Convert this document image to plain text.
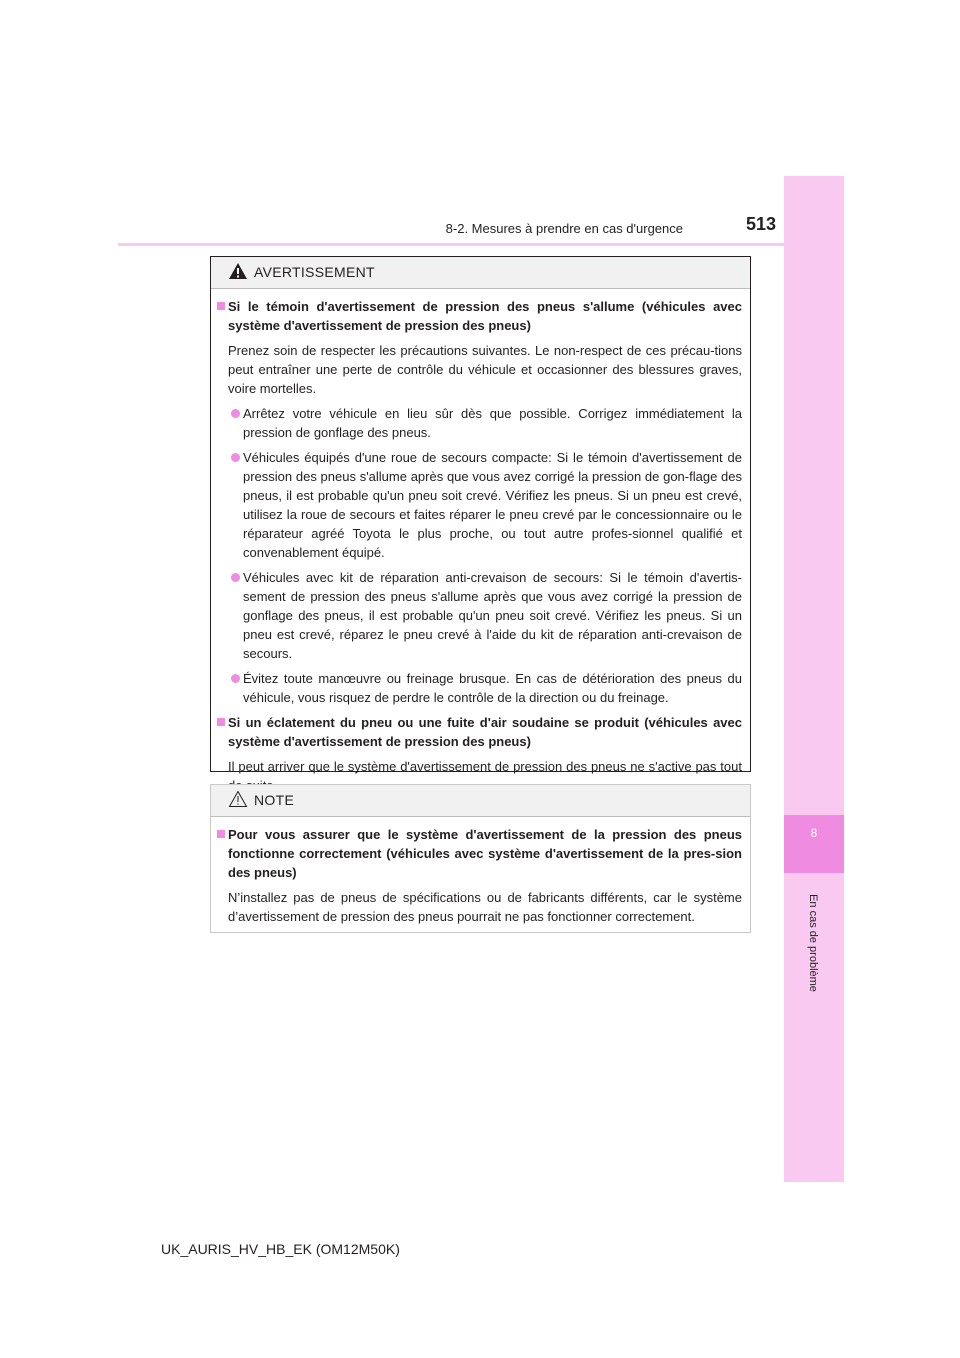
8
En cas de problème
8-2. Mesures à prendre en cas d'urgence	513
AVERTISSEMENT
Si le témoin d'avertissement de pression des pneus s'allume (véhicules avec système d'avertissement de pression des pneus)
Prenez soin de respecter les précautions suivantes. Le non-respect de ces précau-tions peut entraîner une perte de contrôle du véhicule et occasionner des blessures graves, voire mortelles.
Arrêtez votre véhicule en lieu sûr dès que possible. Corrigez immédiatement la pression de gonflage des pneus.
Véhicules équipés d'une roue de secours compacte: Si le témoin d'avertissement de pression des pneus s'allume après que vous avez corrigé la pression de gon-flage des pneus, il est probable qu'un pneu soit crevé. Vérifiez les pneus. Si un pneu est crevé, utilisez la roue de secours et faites réparer le pneu crevé par le concessionnaire ou le réparateur agréé Toyota le plus proche, ou tout autre profes-sionnel qualifié et convenablement équipé.
Véhicules avec kit de réparation anti-crevaison de secours: Si le témoin d'avertis-sement de pression des pneus s'allume après que vous avez corrigé la pression de gonflage des pneus, il est probable qu'un pneu soit crevé. Vérifiez les pneus. Si un pneu est crevé, réparez le pneu crevé à l'aide du kit de réparation anti-crevaison de secours.
Évitez toute manœuvre ou freinage brusque. En cas de détérioration des pneus du véhicule, vous risquez de perdre le contrôle de la direction ou du freinage.
Si un éclatement du pneu ou une fuite d'air soudaine se produit (véhicules avec système d'avertissement de pression des pneus)
Il peut arriver que le système d'avertissement de pression des pneus ne s'active pas tout
NOTE
Pour vous assurer que le système d'avertissement de la pression des pneus fonctionne correctement (véhicules avec système d'avertissement de la pres-sion des pneus)
N’installez pas de pneus de spécifications ou de fabricants différents, car le système d’avertissement de pression des pneus pourrait ne pas fonctionner correctement.
UK_AURIS_HV_HB_EK (OM12M50K)
